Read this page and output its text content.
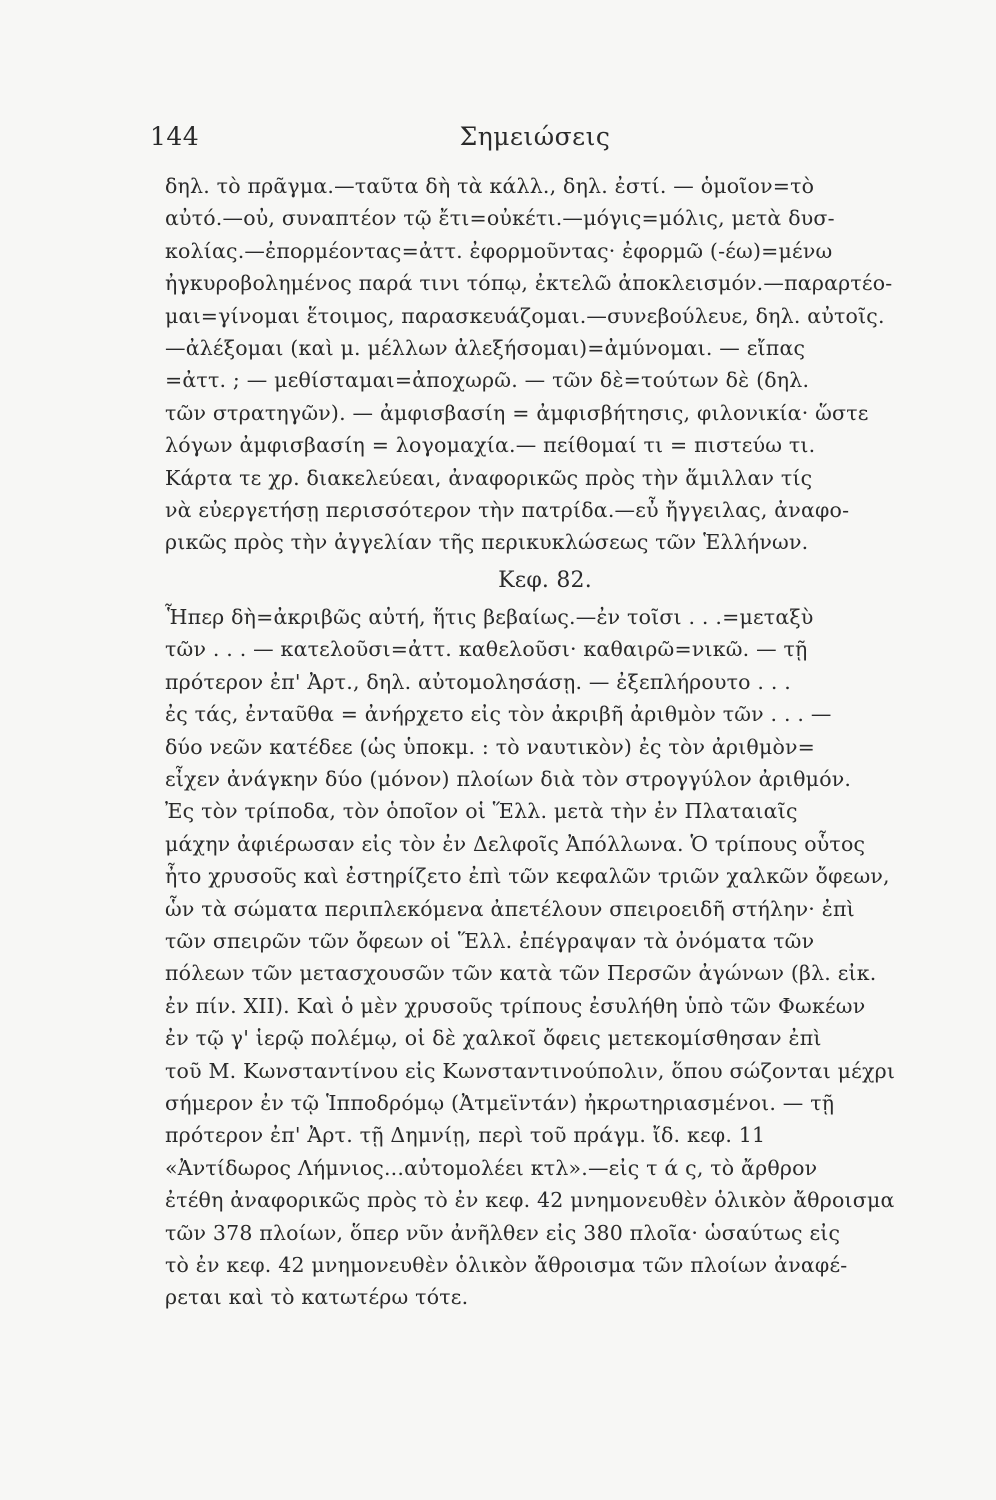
144	Σημειώσεις
δηλ. τὸ πρᾶγμα.—ταῦτα δὴ τὰ κάλλ., δηλ. ἐστί. — ὁμοῖον=τὸ
αὐτό.—οὐ, συναπτέον τῷ ἔτι=οὐκέτι.—μόγις=μόλις, μετὰ δυσ-
κολίας.—ἐπορμέοντας=ἀττ. ἐφορμοῦντας· ἐφορμῶ (-έω)=μένω
ἠγκυροβολημένος παρά τινι τόπῳ, ἐκτελῶ ἀποκλεισμόν.—παραρτέο-
μαι=γίνομαι ἕτοιμος, παρασκευάζομαι.—συνεβούλευε, δηλ. αὐτοῖς.
—ἀλέξομαι (καὶ μ. μέλλων ἀλεξήσομαι)=ἀμύνομαι. — εἴπας
=ἀττ. ; — μεθίσταμαι=ἀποχωρῶ. — τῶν δὲ=τούτων δὲ (δηλ.
τῶν στρατηγῶν). — ἀμφισβασίη = ἀμφισβήτησις, φιλονικία· ὥστε
λόγων ἀμφισβασίη = λογομαχία.— πείθομαί τι = πιστεύω τι.
Κάρτα τε χρ. διακελεύεαι, ἀναφορικῶς πρὸς τὴν ἅμιλλαν τίς
νὰ εὐεργετήσῃ περισσότερον τὴν πατρίδα.—εὖ ἤγγειλας, ἀναφο-
ρικῶς πρὸς τὴν ἀγγελίαν τῆς περικυκλώσεως τῶν Ἑλλήνων.
Κεφ. 82.
Ἧπερ δὴ=ἀκριβῶς αὐτή, ἥτις βεβαίως.—ἐν τοῖσι . . .=μεταξὺ
τῶν . . . — κατελοῦσι=ἀττ. καθελοῦσι· καθαιρῶ=νικῶ. — τῇ
πρότερον ἐπ' Ἀρτ., δηλ. αὐτομολησάσῃ. — ἐξεπλήρουτο . . .
ἐς τάς, ἐνταῦθα = ἀνήρχετο εἰς τὸν ἀκριβῆ ἀριθμὸν τῶν . . . —
δύο νεῶν κατέδεε (ὡς ὑποκμ. : τὸ ναυτικὸν) ἐς τὸν ἀριθμὸν=
εἶχεν ἀνάγκην δύο (μόνον) πλοίων διὰ τὸν στρογγύλον ἀριθμόν.
Ἐς τὸν τρίποδα, τὸν ὁποῖον οἱ Ἕλλ. μετὰ τὴν ἐν Πλαταιαῖς
μάχην ἀφιέρωσαν εἰς τὸν ἐν Δελφοῖς Ἀπόλλωνα. Ὁ τρίπους οὗτος
ἦτο χρυσοῦς καὶ ἐστηρίζετο ἐπὶ τῶν κεφαλῶν τριῶν χαλκῶν ὄφεων,
ὧν τὰ σώματα περιπλεκόμενα ἀπετέλουν σπειροειδῆ στήλην· ἐπὶ
τῶν σπειρῶν τῶν ὄφεων οἱ Ἕλλ. ἐπέγραψαν τὰ ὀνόματα τῶν
πόλεων τῶν μετασχουσῶν τῶν κατὰ τῶν Περσῶν ἀγώνων (βλ. εἰκ.
ἐν πίν. XII). Καὶ ὁ μὲν χρυσοῦς τρίπους ἐσυλήθη ὑπὸ τῶν Φωκέων
ἐν τῷ γ' ἱερῷ πολέμῳ, οἱ δὲ χαλκοῖ ὄφεις μετεκομίσθησαν ἐπὶ
τοῦ Μ. Κωνσταντίνου εἰς Κωνσταντινούπολιν, ὅπου σώζονται μέχρι
σήμερον ἐν τῷ Ἱπποδρόμῳ (Ἀτμεϊντάν) ἠκρωτηριασμένοι. — τῇ
πρότερον ἐπ' Ἀρτ. τῇ Δημνίῃ, περὶ τοῦ πράγμ. ἴδ. κεφ. 11
«Ἀντίδωρος Λήμνιος...αὐτομολέει κτλ».—εἰς τ ά ς, τὸ ἄρθρον
ἐτέθη ἀναφορικῶς πρὸς τὸ ἐν κεφ. 42 μνημονευθὲν ὁλικὸν ἄθροισμα
τῶν 378 πλοίων, ὅπερ νῦν ἀνῆλθεν εἰς 380 πλοῖα· ὡσαύτως εἰς
τὸ ἐν κεφ. 42 μνημονευθὲν ὁλικὸν ἄθροισμα τῶν πλοίων ἀναφέ-
ρεται καὶ τὸ κατωτέρω τότε.
